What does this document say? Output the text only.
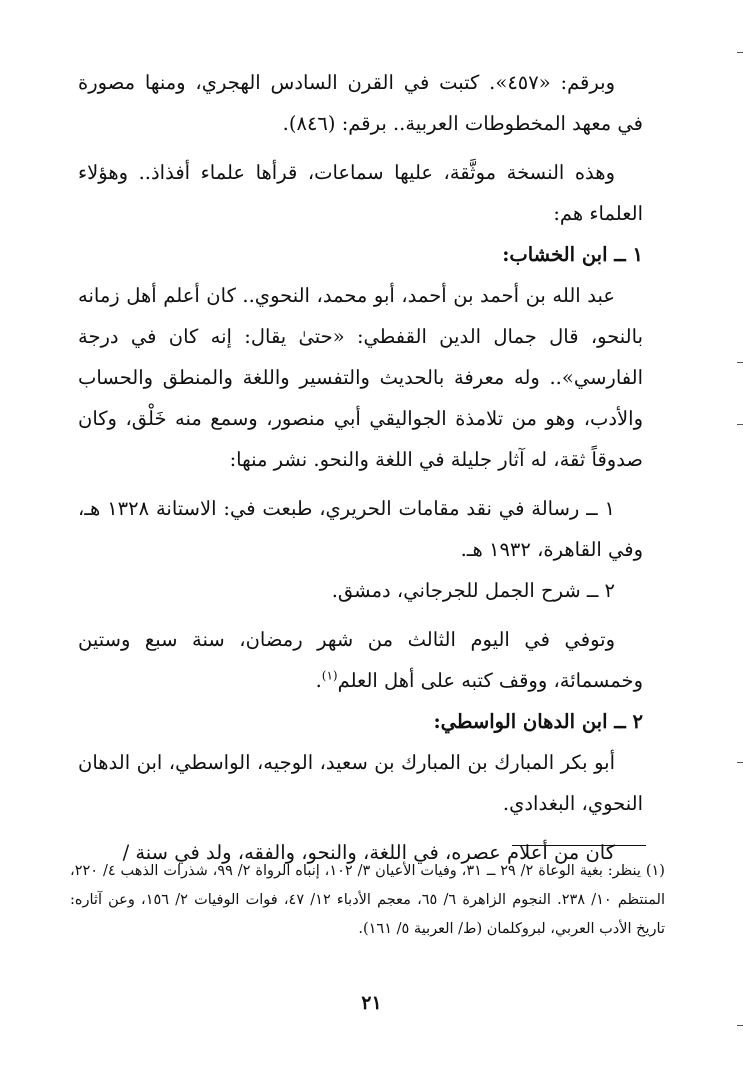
وبرقم: «٤٥٧». كتبت في القرن السادس الهجري، ومنها مصورة في معهد المخطوطات العربية.. برقم: (٨٤٦).

وهذه النسخة موثَّقة، عليها سماعات، قرأها علماء أفذاذ.. وهؤلاء العلماء هم:

١ ــ ابن الخشاب:

عبد الله بن أحمد بن أحمد، أبو محمد، النحوي.. كان أعلم أهل زمانه بالنحو، قال جمال الدين القفطي: «حتىٰ يقال: إنه كان في درجة الفارسي».. وله معرفة بالحديث والتفسير واللغة والمنطق والحساب والأدب، وهو من تلامذة الجواليقي أبي منصور، وسمع منه خَلْق، وكان صدوقاً ثقة، له آثار جليلة في اللغة والنحو. نشر منها:

١ ــ رسالة في نقد مقامات الحريري، طبعت في: الاستانة ١٣٢٨ هـ، وفي القاهرة، ١٩٣٢ هـ.

٢ ــ شرح الجمل للجرجاني، دمشق.

وتوفي في اليوم الثالث من شهر رمضان، سنة سبع وستين وخمسمائة، ووقف كتبه على أهل العلم$^{(١)}$.

٢ ــ ابن الدهان الواسطي:

أبو بكر المبارك بن المبارك بن سعيد، الوجيه، الواسطي، ابن الدهان النحوي، البغدادي.

كان من أعلام عصره، في اللغة، والنحو، والفقه، ولد في سنة /

(١) ينظر: بغية الوعاة ٢/ ٢٩ ــ ٣١، وفيات الأعيان ٣/ ١٠٢، إنباه الرواة ٢/ ٩٩، شذرات الذهب ٤/ ٢٢٠، المنتظم ١٠/ ٢٣٨. النجوم الزاهرة ٦/ ٦٥، معجم الأدباء ١٢/ ٤٧، فوات الوفيات ٢/ ١٥٦، وعن آثاره: تاريخ الأدب العربي، لبروكلمان (ط/ العربية ٥/ ١٦١).

٢١
